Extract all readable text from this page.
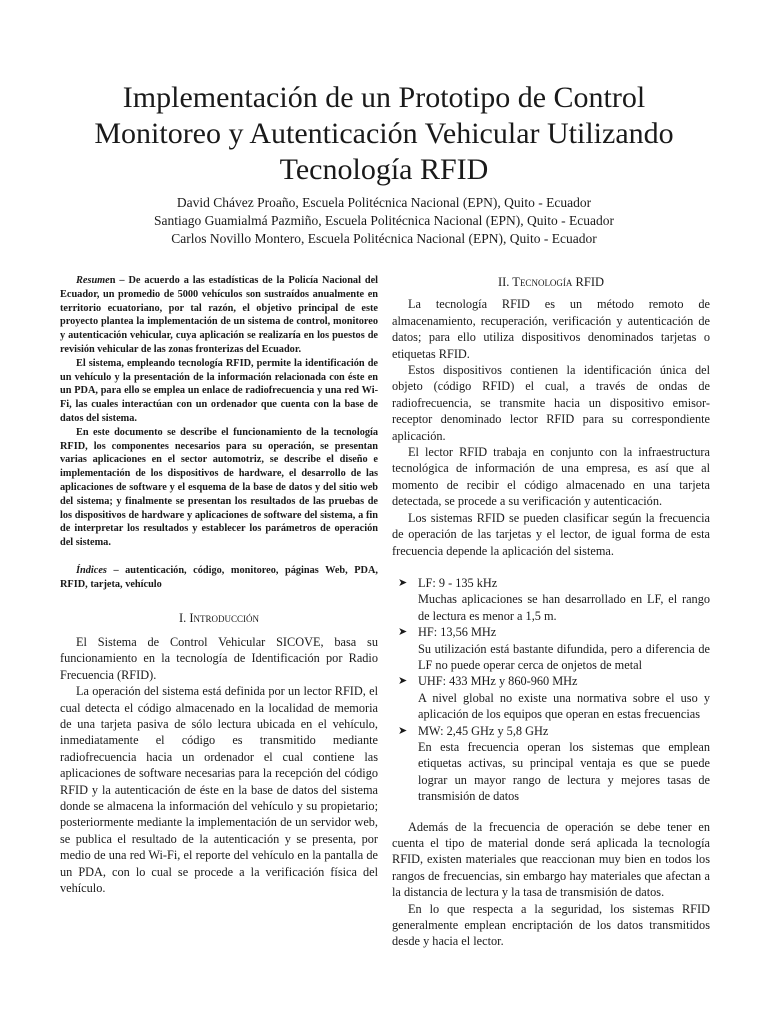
Implementación de un Prototipo de Control Monitoreo y Autenticación Vehicular Utilizando Tecnología RFID
David Chávez Proaño, Escuela Politécnica Nacional (EPN), Quito - Ecuador
Santiago Guamialmá Pazmiño, Escuela Politécnica Nacional (EPN), Quito - Ecuador
Carlos Novillo Montero, Escuela Politécnica Nacional (EPN), Quito - Ecuador

Resumen – De acuerdo a las estadísticas de la Policía Nacional del Ecuador, un promedio de 5000 vehículos son sustraídos anualmente en territorio ecuatoriano, por tal razón, el objetivo principal de este proyecto plantea la implementación de un sistema de control, monitoreo y autenticación vehicular, cuya aplicación se realizaría en los puestos de revisión vehicular de las zonas fronterizas del Ecuador.

El sistema, empleando tecnología RFID, permite la identificación de un vehículo y la presentación de la información relacionada con éste en un PDA, para ello se emplea un enlace de radiofrecuencia y una red Wi-Fi, las cuales interactúan con un ordenador que cuenta con la base de datos del sistema.

En este documento se describe el funcionamiento de la tecnología RFID, los componentes necesarios para su operación, se presentan varias aplicaciones en el sector automotriz, se describe el diseño e implementación de los dispositivos de hardware, el desarrollo de las aplicaciones de software y el esquema de la base de datos y del sitio web del sistema; y finalmente se presentan los resultados de las pruebas de los dispositivos de hardware y aplicaciones de software del sistema, a fin de interpretar los resultados y establecer los parámetros de operación del sistema.

Índices – autenticación, código, monitoreo, páginas Web, PDA, RFID, tarjeta, vehículo

I. Introducción

El Sistema de Control Vehicular SICOVE, basa su funcionamiento en la tecnología de Identificación por Radio Frecuencia (RFID).

La operación del sistema está definida por un lector RFID, el cual detecta el código almacenado en la localidad de memoria de una tarjeta pasiva de sólo lectura ubicada en el vehículo, inmediatamente el código es transmitido mediante radiofrecuencia hacia un ordenador el cual contiene las aplicaciones de software necesarias para la recepción del código RFID y la autenticación de éste en la base de datos del sistema donde se almacena la información del vehículo y su propietario; posteriormente mediante la implementación de un servidor web, se publica el resultado de la autenticación y se presenta, por medio de una red Wi-Fi, el reporte del vehículo en la pantalla de un PDA, con lo cual se procede a la verificación física del vehículo.

II. Tecnología RFID

La tecnología RFID es un método remoto de almacenamiento, recuperación, verificación y autenticación de datos; para ello utiliza dispositivos denominados tarjetas o etiquetas RFID.

Estos dispositivos contienen la identificación única del objeto (código RFID) el cual, a través de ondas de radiofrecuencia, se transmite hacia un dispositivo emisor-receptor denominado lector RFID para su correspondiente aplicación.

El lector RFID trabaja en conjunto con la infraestructura tecnológica de información de una empresa, es así que al momento de recibir el código almacenado en una tarjeta detectada, se procede a su verificación y autenticación.

Los sistemas RFID se pueden clasificar según la frecuencia de operación de las tarjetas y el lector, de igual forma de esta frecuencia depende la aplicación del sistema.

➤ LF: 9 - 135 kHz
Muchas aplicaciones se han desarrollado en LF, el rango de lectura es menor a 1,5 m.
➤ HF: 13,56 MHz
Su utilización está bastante difundida, pero a diferencia de LF no puede operar cerca de onjetos de metal
➤ UHF: 433 MHz y 860-960 MHz
A nivel global no existe una normativa sobre el uso y aplicación de los equipos que operan en estas frecuencias
➤ MW: 2,45 GHz y 5,8 GHz
En esta frecuencia operan los sistemas que emplean etiquetas activas, su principal ventaja es que se puede lograr un mayor rango de lectura y mejores tasas de transmisión de datos

Además de la frecuencia de operación se debe tener en cuenta el tipo de material donde será aplicada la tecnología RFID, existen materiales que reaccionan muy bien en todos los rangos de frecuencias, sin embargo hay materiales que afectan a la distancia de lectura y la tasa de transmisión de datos.

En lo que respecta a la seguridad, los sistemas RFID generalmente emplean encriptación de los datos transmitidos desde y hacia el lector.
